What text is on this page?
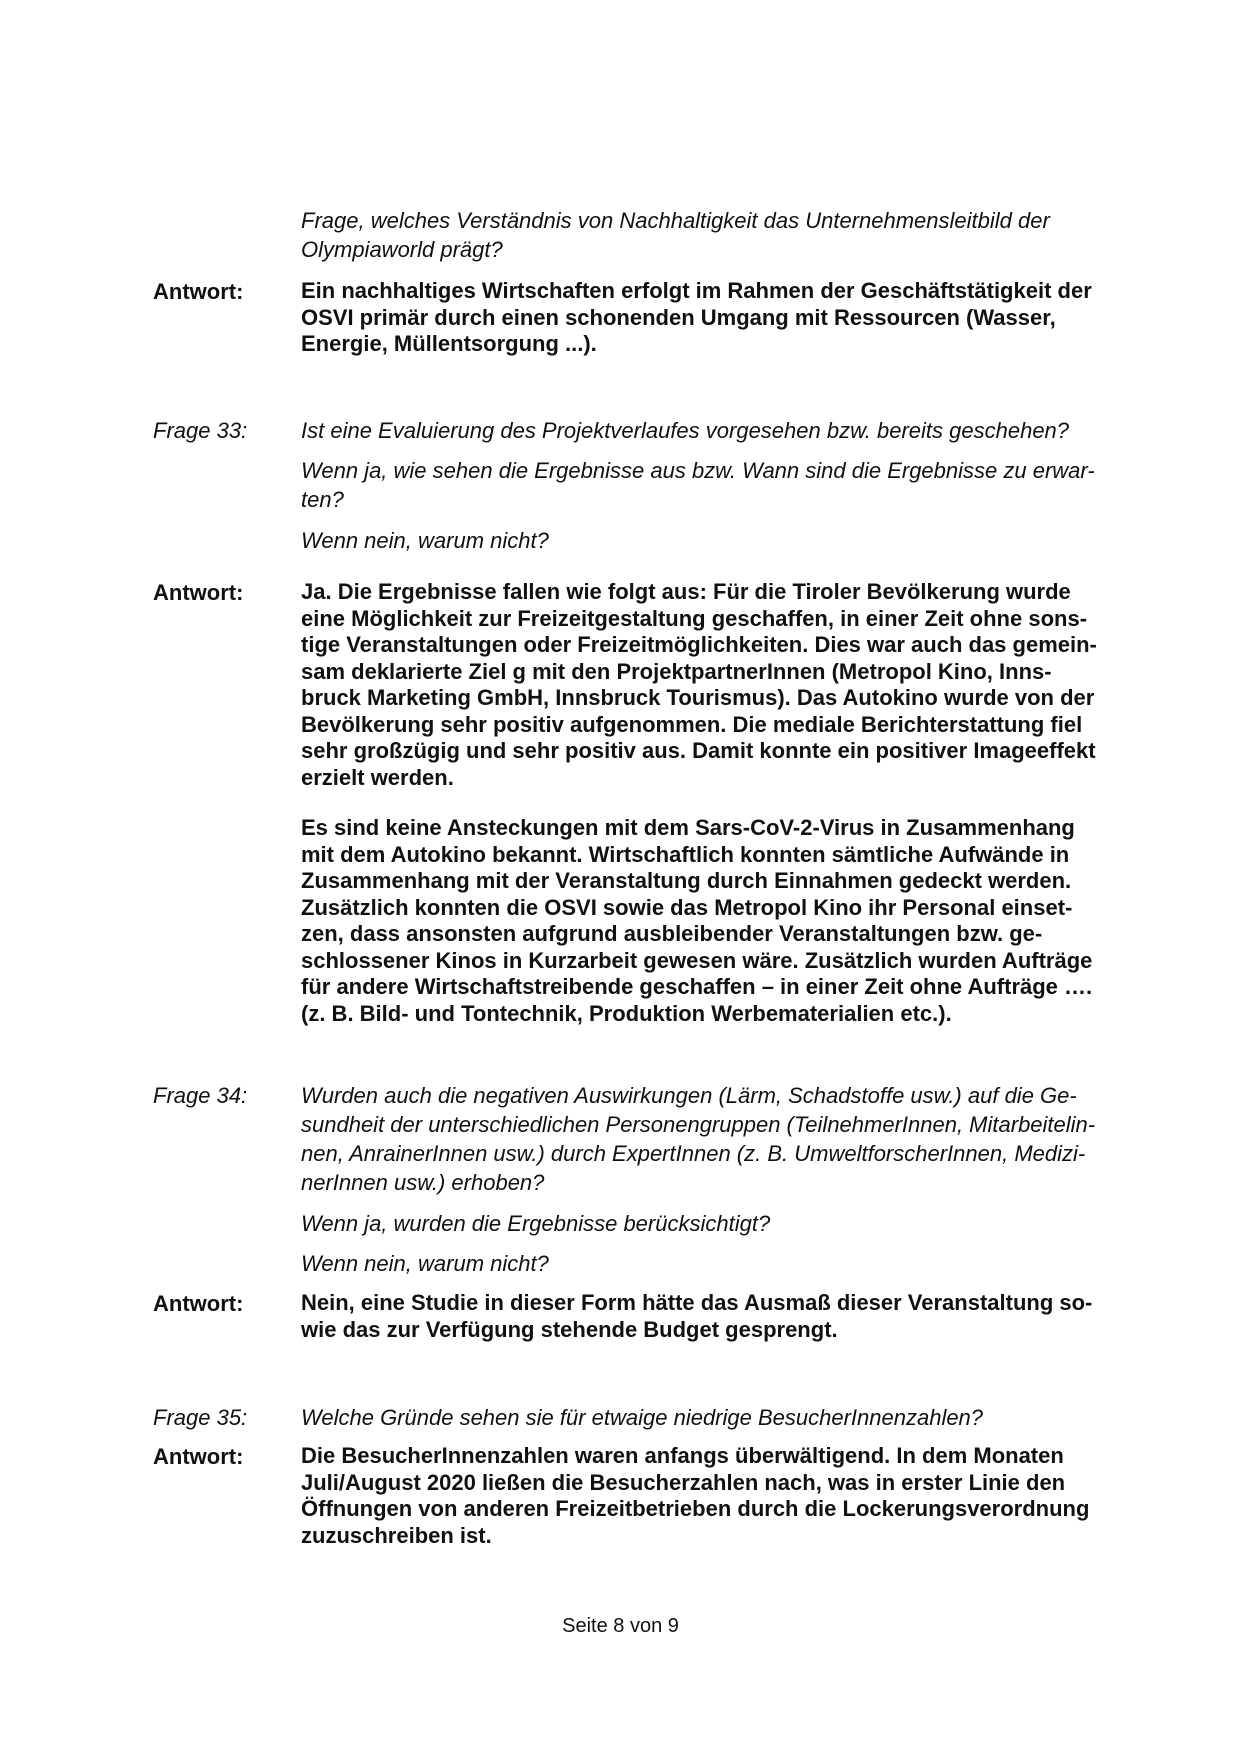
Frage, welches Verständnis von Nachhaltigkeit das Unternehmensleitbild der
Olympiaworld prägt?
Antwort:	Ein nachhaltiges Wirtschaften erfolgt im Rahmen der Geschäftstätigkeit der
OSVI primär durch einen schonenden Umgang mit Ressourcen (Wasser,
Energie, Müllentsorgung ...).
Frage 33: Ist eine Evaluierung des Projektverlaufes vorgesehen bzw. bereits geschehen?
Wenn ja, wie sehen die Ergebnisse aus bzw. Wann sind die Ergebnisse zu erwar-
ten?
Wenn nein, warum nicht?
Antwort:	Ja. Die Ergebnisse fallen wie folgt aus: Für die Tiroler Bevölkerung wurde
eine Möglichkeit zur Freizeitgestaltung geschaffen, in einer Zeit ohne sons-
tige Veranstaltungen oder Freizeitmöglichkeiten. Dies war auch das gemein-
sam deklarierte Ziel g mit den ProjektpartnerInnen (Metropol Kino, Inns-
bruck Marketing GmbH, Innsbruck Tourismus). Das Autokino wurde von der
Bevölkerung sehr positiv aufgenommen. Die mediale Berichterstattung fiel
sehr großzügig und sehr positiv aus. Damit konnte ein positiver Imageeffekt
erzielt werden.
Es sind keine Ansteckungen mit dem Sars-CoV-2-Virus in Zusammenhang
mit dem Autokino bekannt. Wirtschaftlich konnten sämtliche Aufwände in
Zusammenhang mit der Veranstaltung durch Einnahmen gedeckt werden.
Zusätzlich konnten die OSVI sowie das Metropol Kino ihr Personal einset-
zen, dass ansonsten aufgrund ausbleibender Veranstaltungen bzw. ge-
schlossener Kinos in Kurzarbeit gewesen wäre. Zusätzlich wurden Aufträge
für andere Wirtschaftstreibende geschaffen – in einer Zeit ohne Aufträge ….
(z. B. Bild- und Tontechnik, Produktion Werbematerialien etc.).
Frage 34: Wurden auch die negativen Auswirkungen (Lärm, Schadstoffe usw.) auf die Ge-
sundheit der unterschiedlichen Personengruppen (TeilnehmerInnen, Mitarbeitelin-
nen, AnrainerInnen usw.) durch ExpertInnen (z. B. UmweltforscherInnen, Medizi-
nerInnen usw.) erhoben?
Wenn ja, wurden die Ergebnisse berücksichtigt?
Wenn nein, warum nicht?
Antwort:	Nein, eine Studie in dieser Form hätte das Ausmaß dieser Veranstaltung so-
wie das zur Verfügung stehende Budget gesprengt.
Frage 35: Welche Gründe sehen sie für etwaige niedrige BesucherInnenzahlen?
Antwort:	Die BesucherInnenzahlen waren anfangs überwältigend. In dem Monaten
Juli/August 2020 ließen die Besucherzahlen nach, was in erster Linie den
Öffnungen von anderen Freizeitbetrieben durch die Lockerungsverordnung
zuzuschreiben ist.
Seite 8 von 9
